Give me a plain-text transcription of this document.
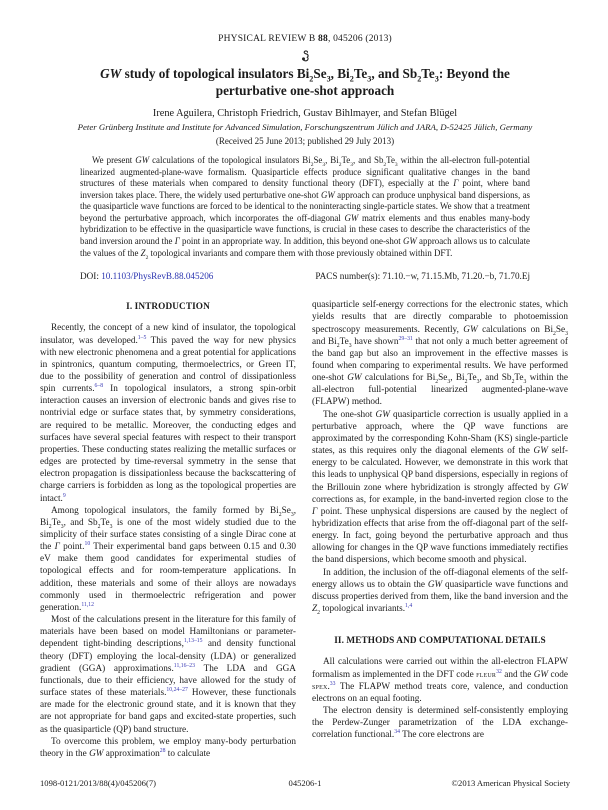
PHYSICAL REVIEW B 88, 045206 (2013)
GW study of topological insulators $Bi_2Se_3$, $Bi_2Te_3$, and $Sb_2Te_3$: Beyond the
perturbative one-shot approach
Irene Aguilera, Christoph Friedrich, Gustav Bihlmayer, and Stefan Blügel
Peter Grünberg Institute and Institute for Advanced Simulation, Forschungszentrum Jülich and JARA, D-52425 Jülich, Germany
(Received 25 June 2013; published 29 July 2013)
We present GW calculations of the topological insulators $Bi_2Se_3$, $Bi_2Te_3$, and $Sb_2Te_3$ within the all-electron full-potential linearized augmented-plane-wave formalism. Quasiparticle effects produce significant qualitative changes in the band structures of these materials when compared to density functional theory (DFT), especially at the Γ point, where band inversion takes place. There, the widely used perturbative one-shot GW approach can produce unphysical band dispersions, as the quasiparticle wave functions are forced to be identical to the noninteracting single-particle states. We show that a treatment beyond the perturbative approach, which incorporates the off-diagonal GW matrix elements and thus enables many-body hybridization to be effective in the quasiparticle wave functions, is crucial in these cases to describe the characteristics of the band inversion around the Γ point in an appropriate way. In addition, this beyond one-shot GW approach allows us to calculate the values of the $Z_2$ topological invariants and compare them with those previously obtained within DFT.
DOI: 10.1103/PhysRevB.88.045206	PACS number(s): 71.10.−w, 71.15.Mb, 71.20.−b, 71.70.Ej
I. INTRODUCTION

Recently, the concept of a new kind of insulator, the topological insulator, was developed.$^{1-5}$ This paved the way for new physics with new electronic phenomena and a great potential for applications in spintronics, quantum computing, thermoelectrics, or Green IT, due to the possibility of generation and control of dissipationless spin currents.$^{6-8}$ In topological insulators, a strong spin-orbit interaction causes an inversion of electronic bands and gives rise to nontrivial edge or surface states that, by symmetry considerations, are required to be metallic. Moreover, the conducting edges and surfaces have several special features with respect to their transport properties. These conducting states realizing the metallic surfaces or edges are protected by time-reversal symmetry in the sense that electron propagation is dissipationless because the backscattering of charge carriers is forbidden as long as the topological properties are intact.$^9$

Among topological insulators, the family formed by $Bi_2Se_3$, $Bi_2Te_3$, and $Sb_2Te_3$ is one of the most widely studied due to the simplicity of their surface states consisting of a single Dirac cone at the Γ point.$^{10}$ Their experimental band gaps between 0.15 and 0.30 eV make them good candidates for experimental studies of topological effects and for room-temperature applications. In addition, these materials and some of their alloys are nowadays commonly used in thermoelectric refrigeration and power generation.$^{11,12}$

Most of the calculations present in the literature for this family of materials have been based on model Hamiltonians or parameter-dependent tight-binding descriptions,$^{1,13-15}$ and density functional theory (DFT) employing the local-density (LDA) or generalized gradient (GGA) approximations.$^{11,16-23}$ The LDA and GGA functionals, due to their efficiency, have allowed for the study of surface states of these materials.$^{10,24-27}$ However, these functionals are made for the electronic ground state, and it is known that they are not appropriate for band gaps and excited-state properties, such as the quasiparticle (QP) band structure.

To overcome this problem, we employ many-body perturbation theory in the GW approximation$^{28}$ to calculate

quasiparticle self-energy corrections for the electronic states, which yields results that are directly comparable to photoemission spectroscopy measurements. Recently, GW calculations on $Bi_2Se_3$ and $Bi_2Te_3$ have shown$^{29-31}$ that not only a much better agreement of the band gap but also an improvement in the effective masses is found when comparing to experimental results. We have performed one-shot GW calculations for $Bi_2Se_3$, $Bi_2Te_3$, and $Sb_2Te_3$ within the all-electron full-potential linearized augmented-plane-wave (FLAPW) method.

The one-shot GW quasiparticle correction is usually applied in a perturbative approach, where the QP wave functions are approximated by the corresponding Kohn-Sham (KS) single-particle states, as this requires only the diagonal elements of the GW self-energy to be calculated. However, we demonstrate in this work that this leads to unphysical QP band dispersions, especially in regions of the Brillouin zone where hybridization is strongly affected by GW corrections as, for example, in the band-inverted region close to the Γ point. These unphysical dispersions are caused by the neglect of hybridization effects that arise from the off-diagonal part of the self-energy. In fact, going beyond the perturbative approach and thus allowing for changes in the QP wave functions immediately rectifies the band dispersions, which become smooth and physical.

In addition, the inclusion of the off-diagonal elements of the self-energy allows us to obtain the GW quasiparticle wave functions and discuss properties derived from them, like the band inversion and the $Z_2$ topological invariants.$^{1,4}$

II. METHODS AND COMPUTATIONAL DETAILS

All calculations were carried out within the all-electron FLAPW formalism as implemented in the DFT code fleur$^{32}$ and the GW code spex.$^{33}$ The FLAPW method treats core, valence, and conduction electrons on an equal footing.

The electron density is determined self-consistently employing the Perdew-Zunger parametrization of the LDA exchange-correlation functional.$^{34}$ The core electrons are

1098-0121/2013/88(4)/045206(7)	045206-1	©2013 American Physical Society
